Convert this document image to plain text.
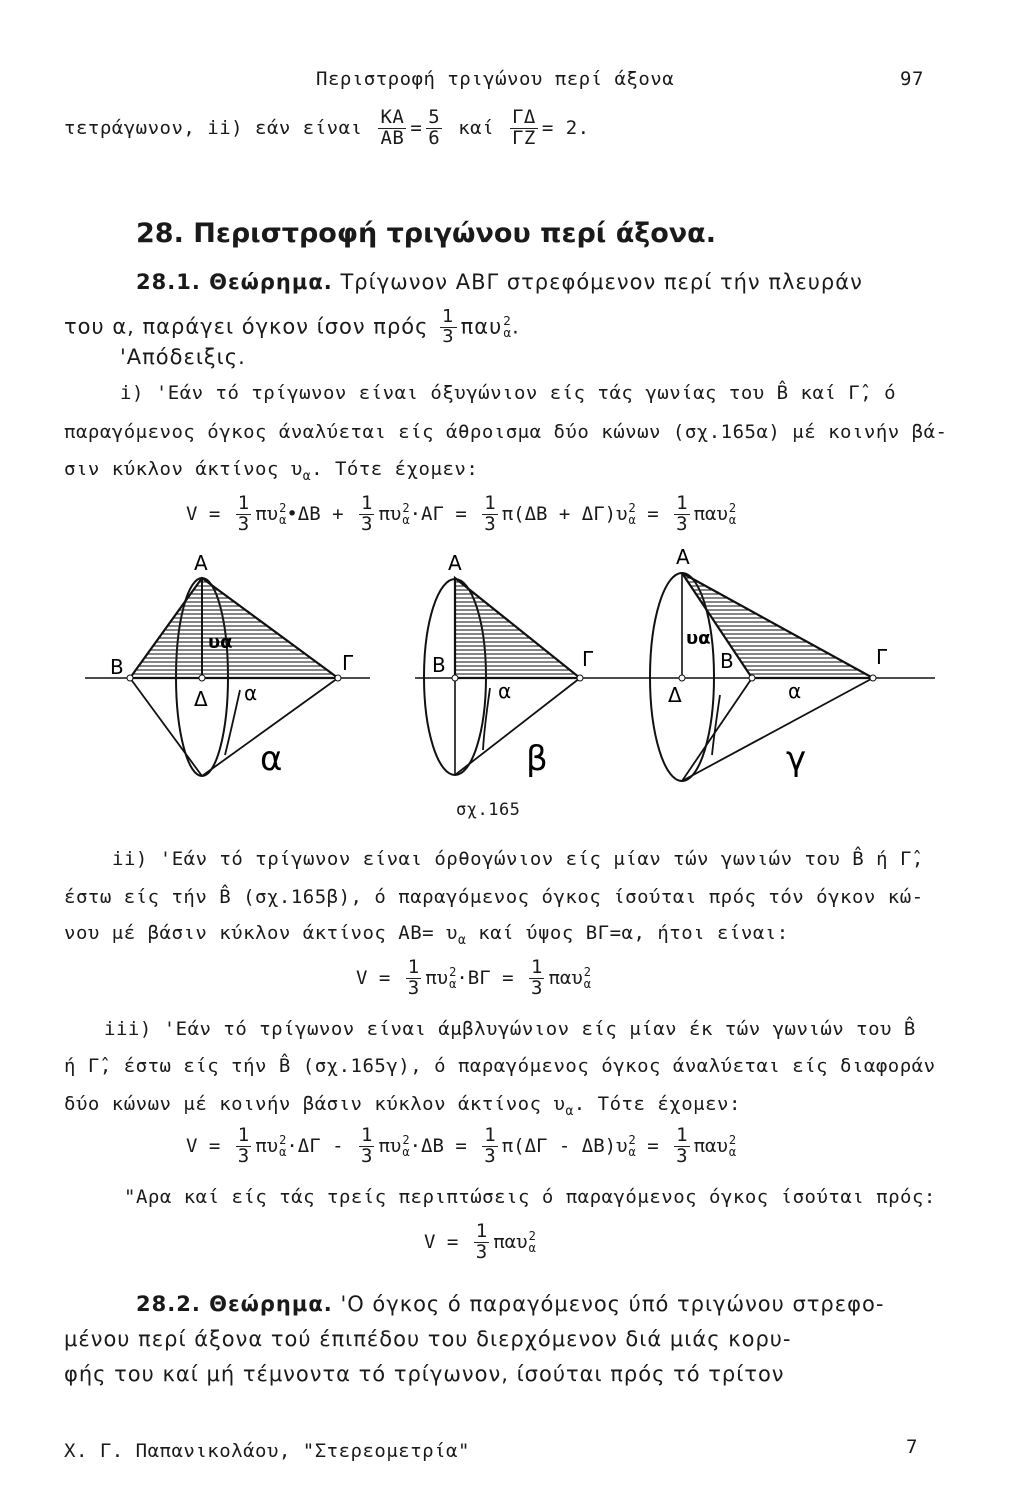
Περιστροφή τριγώνου περί άξονα	97
τετράγωνον, ii) εάν είναι $\frac{KA}{AB} = \frac{5}{6}$ καί $\frac{\Gamma\Delta}{\Gamma Z} = 2$.
28. Περιστροφή τριγώνου περί άξονα.
28.1. Θεώρημα. Τρίγωνον ΑΒΓ στρεφόμενον περί τήν πλευράν
του α, παράγει όγκον ίσον πρός $\frac{1}{3}$ παυ 2
α .
'Απόδειξις.
i) 'Εάν τό τρίγωνον είναι όξυγώνιον είς τάς γωνίας του B̂ καί Γ̂, ό
παραγόμενος όγκος άναλύεται είς άθροισμα δύο κώνων (σχ.165α) μέ κοινήν βά-
σιν κύκλον άκτίνος $\upsilon_\alpha$. Τότε έχομεν:
$V = \frac{1}{3}$ πυ 2
α •ΔΒ + $\frac{1}{3}$ πυ 2
$\alpha \cdot A\Gamma = \frac{1}{3} \pi(\Delta B + \Delta\Gamma)\upsilon$ 2
$\alpha = \frac{1}{3}$ παυ 2
α
A
B	Γ
Δ α
υα
α
A
B	Γ
α
β
A
B	Γ
Δ	α
υα
γ
σχ.165
ii) 'Εάν τό τρίγωνον είναι όρθογώνιον είς μίαν τών γωνιών του B̂ ή Γ̂,
έστω είς τήν B̂ (σχ.165β), ό παραγόμενος όγκος ίσούται πρός τόν όγκον κώ-
νου μέ βάσιν κύκλον άκτίνος $AB= \upsilon_\alpha$ καί ύψος ΒΓ=α, ήτοι είναι:
$V = \frac{1}{3}$ πυ 2
$\alpha \cdot B\Gamma = \frac{1}{3}$ παυ 2
α
iii) 'Εάν τό τρίγωνον είναι άμβλυγώνιον είς μίαν έκ τών γωνιών του B̂
ή Γ̂, έστω είς τήν B̂ (σχ.165γ), ό παραγόμενος όγκος άναλύεται είς διαφοράν
δύο κώνων μέ κοινήν βάσιν κύκλον άκτίνος $\upsilon_\alpha$. Τότε έχομεν:
$V = \frac{1}{3}$ πυ 2
$\alpha \cdot\Delta\Gamma - \frac{1}{3}$ πυ 2
$\alpha \cdot\Delta B = \frac{1}{3} \pi(\Delta\Gamma - \Delta B)\upsilon$ 2
$\alpha = \frac{1}{3}$ παυ 2
α
"Αρα καί είς τάς τρείς περιπτώσεις ό παραγόμενος όγκος ίσούται πρός:
$V = \frac{1}{3}$ παυ 2
α
28.2. Θεώρημα. 'Ο όγκος ό παραγόμενος ύπό τριγώνου στρεφο-
μένου περί άξονα τού έπιπέδου του διερχόμενον διά μιάς κορυ-
φής του καί μή τέμνοντα τό τρίγωνον, ίσούται πρός τό τρίτον
Χ. Γ. Παπανικολάου, "Στερεομετρία"	7
